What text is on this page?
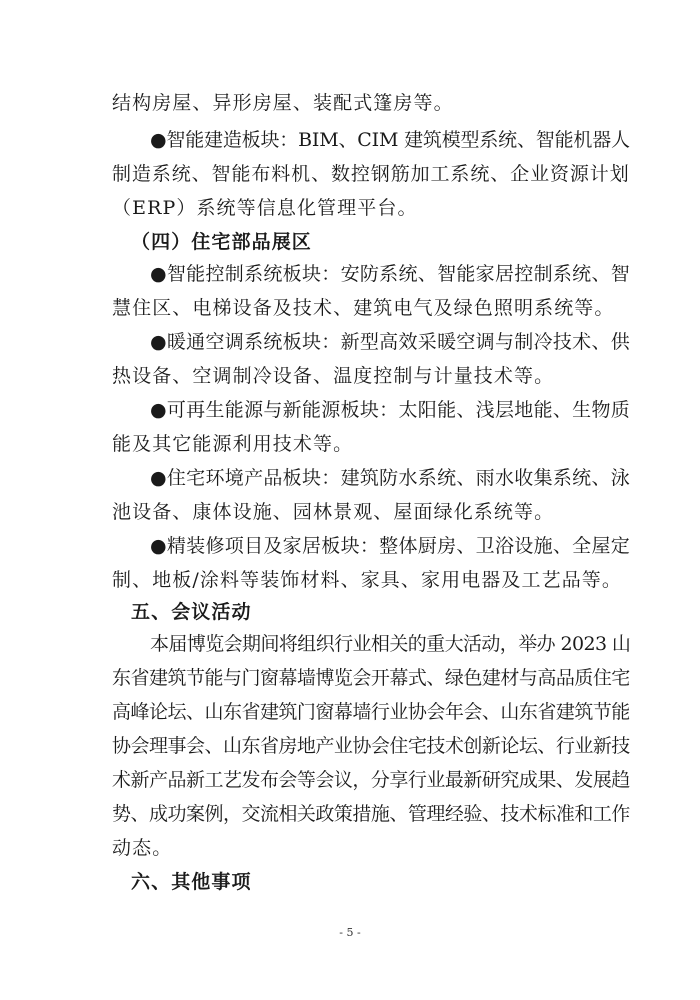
结构房屋、异形房屋、装配式篷房等。
●智能建造板块：BIM、CIM 建筑模型系统、智能机器人
制造系统、智能布料机、数控钢筋加工系统、企业资源计划
（ERP）系统等信息化管理平台。
（四）住宅部品展区
●智能控制系统板块：安防系统、智能家居控制系统、智
慧住区、电梯设备及技术、建筑电气及绿色照明系统等。
●暖通空调系统板块：新型高效采暖空调与制冷技术、供
热设备、空调制冷设备、温度控制与计量技术等。
●可再生能源与新能源板块：太阳能、浅层地能、生物质
能及其它能源利用技术等。
●住宅环境产品板块：建筑防水系统、雨水收集系统、泳
池设备、康体设施、园林景观、屋面绿化系统等。
●精装修项目及家居板块：整体厨房、卫浴设施、全屋定
制、地板/涂料等装饰材料、家具、家用电器及工艺品等。
五、会议活动
本届博览会期间将组织行业相关的重大活动，举办 2023 山
东省建筑节能与门窗幕墙博览会开幕式、绿色建材与高品质住宅
高峰论坛、山东省建筑门窗幕墙行业协会年会、山东省建筑节能
协会理事会、山东省房地产业协会住宅技术创新论坛、行业新技
术新产品新工艺发布会等会议，分享行业最新研究成果、发展趋
势、成功案例，交流相关政策措施、管理经验、技术标准和工作
动态。
六、其他事项
- 5 -
